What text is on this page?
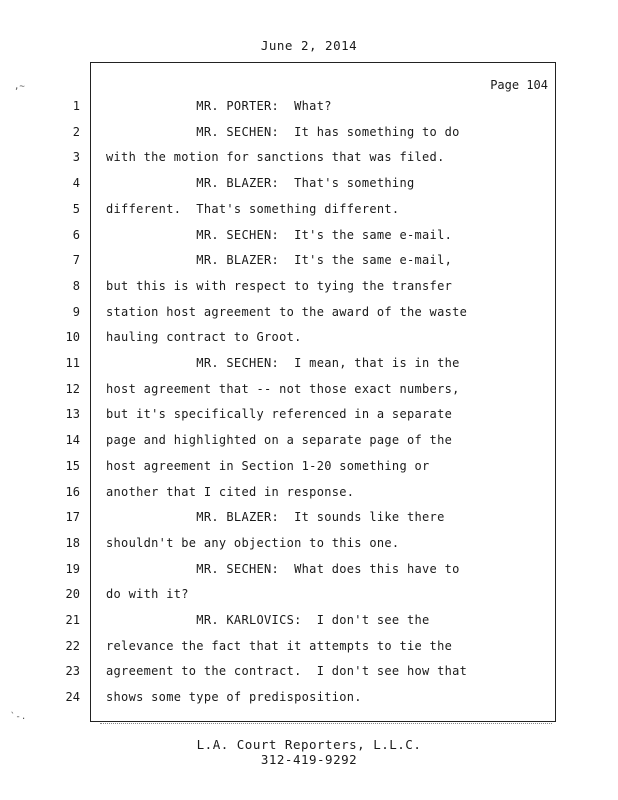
June 2, 2014
Page 104
1 MR. PORTER:  What?
2 MR. SECHEN:  It has something to do
3 with the motion for sanctions that was filed.
4 MR. BLAZER:  That's something
5 different.  That's something different.
6 MR. SECHEN:  It's the same e-mail.
7 MR. BLAZER:  It's the same e-mail,
8 but this is with respect to tying the transfer
9 station host agreement to the award of the waste
10 hauling contract to Groot.
11 MR. SECHEN:  I mean, that is in the
12 host agreement that -- not those exact numbers,
13 but it's specifically referenced in a separate
14 page and highlighted on a separate page of the
15 host agreement in Section 1-20 something or
16 another that I cited in response.
17 MR. BLAZER:  It sounds like there
18 shouldn't be any objection to this one.
19 MR. SECHEN:  What does this have to
20 do with it?
21 MR. KARLOVICS:  I don't see the
22 relevance the fact that it attempts to tie the
23 agreement to the contract.  I don't see how that
24 shows some type of predisposition.
,~
`-.
L.A. Court Reporters, L.L.C.
312-419-9292
